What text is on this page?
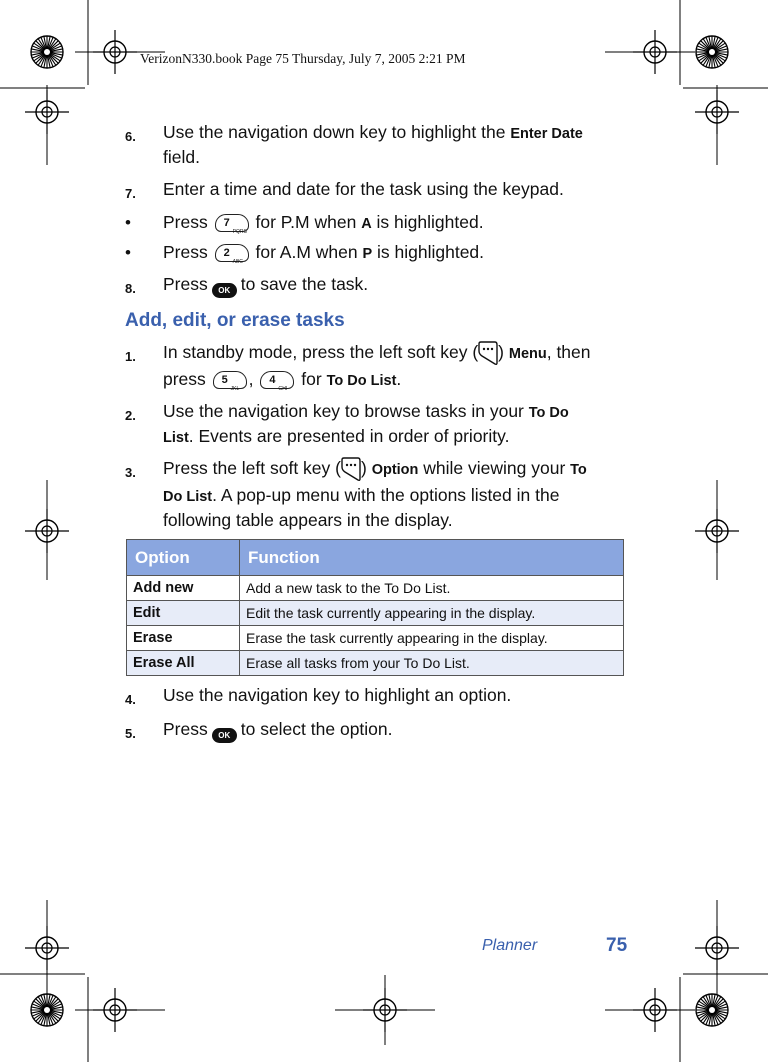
VerizonN330.book Page 75 Thursday, July 7, 2005 2:21 PM
6. Use the navigation down key to highlight the Enter Date
field.
7. Enter a time and date for the task using the keypad.
• Press 7
PQRS for P.M when A is highlighted.
• Press 2
ABC for A.M when P is highlighted.
8. Press OK to save the task.
Add, edit, or erase tasks
1. In standby mode, press the left soft key ( ) Menu, then
press 5
JKL , 4
GHI for To Do List.
2. Use the navigation key to browse tasks in your To Do
List. Events are presented in order of priority.
3. Press the left soft key ( ) Option while viewing your To
Do List. A pop-up menu with the options listed in the
following table appears in the display.
Option	Function
Add new	Add a new task to the To Do List.
Edit	Edit the task currently appearing in the display.
Erase	Erase the task currently appearing in the display.
Erase All	Erase all tasks from your To Do List.
4. Use the navigation key to highlight an option.
5. Press OK to select the option.
Planner	75
